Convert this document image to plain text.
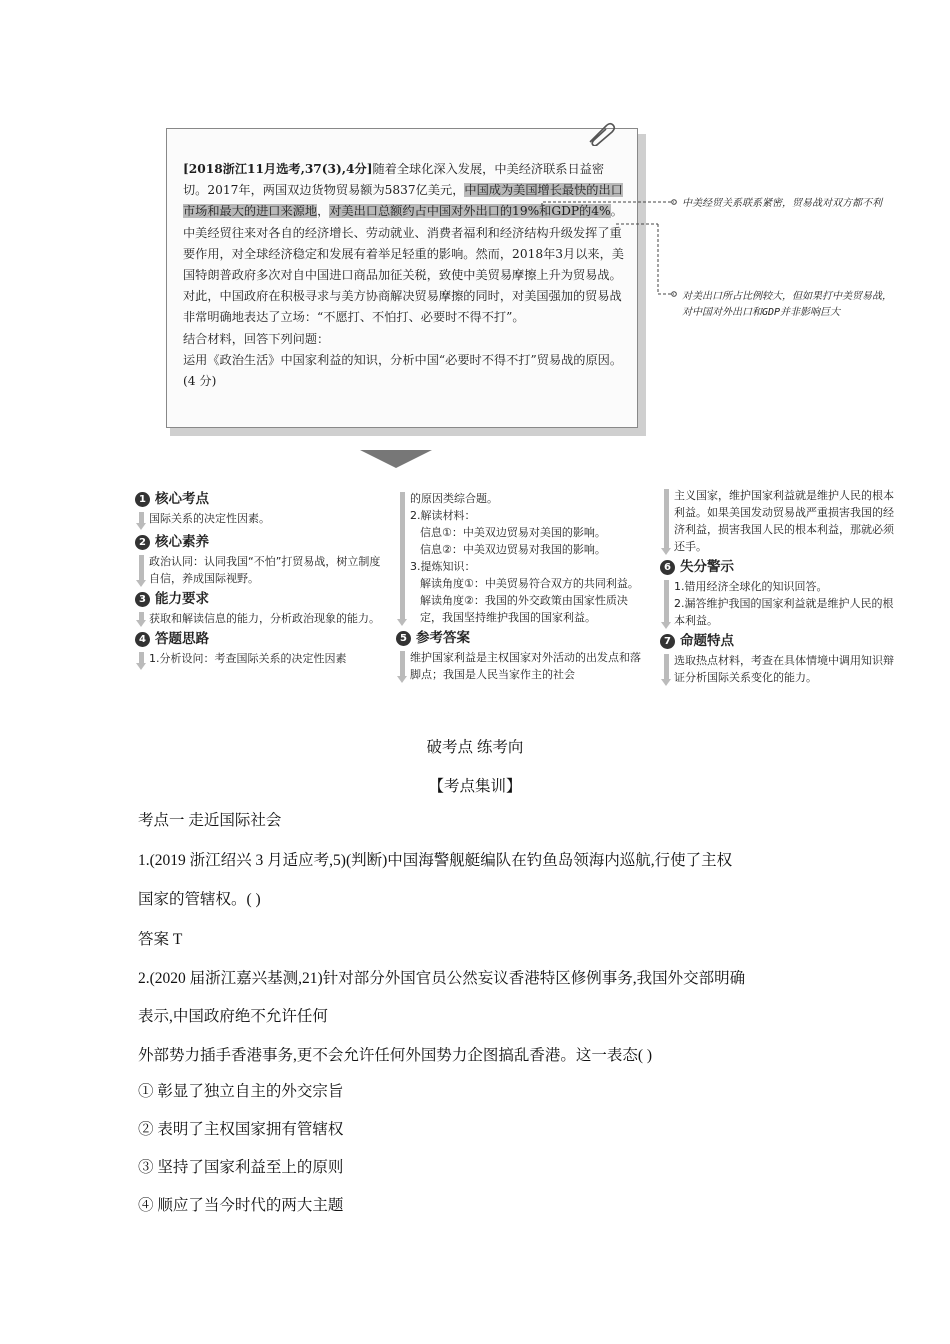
[2018浙江11月选考,37(3),4分]随着全球化深入发展，中美经济联系日益密切。2017年，两国双边货物贸易额为5837亿美元，中国成为美国增长最快的出口市场和最大的进口来源地，对美出口总额约占中国对外出口的19%和GDP的4%。中美经贸往来对各自的经济增长、劳动就业、消费者福利和经济结构升级发挥了重要作用，对全球经济稳定和发展有着举足轻重的影响。然而，2018年3月以来，美国特朗普政府多次对自中国进口商品加征关税，致使中美贸易摩擦上升为贸易战。对此，中国政府在积极寻求与美方协商解决贸易摩擦的同时，对美国强加的贸易战非常明确地表达了立场：“不愿打、不怕打、必要时不得不打”。
结合材料，回答下列问题：
运用《政治生活》中国家利益的知识，分析中国“必要时不得不打”贸易战的原因。(4 分)
中美经贸关系联系紧密，贸易战对双方都不利
对美出口所占比例较大，但如果打中美贸易战，对中国对外出口和GDP并非影响巨大
1 核心考点
国际关系的决定性因素。
2 核心素养
政治认同：认同我国“不怕”打贸易战，树立制度自信，养成国际视野。
3 能力要求
获取和解读信息的能力，分析政治现象的能力。
4 答题思路
1.分析设问：考查国际关系的决定性因素
的原因类综合题。
2.解读材料：
信息①：中美双边贸易对美国的影响。
信息②：中美双边贸易对我国的影响。
3.提炼知识：
解读角度①：中美贸易符合双方的共同利益。
解读角度②：我国的外交政策由国家性质决定，我国坚持维护我国的国家利益。
5 参考答案
维护国家利益是主权国家对外活动的出发点和落脚点；我国是人民当家作主的社会
主义国家，维护国家利益就是维护人民的根本利益。如果美国发动贸易战严重损害我国的经济利益，损害我国人民的根本利益，那就必须还手。
6 失分警示
1.错用经济全球化的知识回答。
2.漏答维护我国的国家利益就是维护人民的根本利益。
7 命题特点
选取热点材料，考查在具体情境中调用知识辩证分析国际关系变化的能力。
破考点 练考向
【考点集训】
考点一 走近国际社会
1.(2019 浙江绍兴 3 月适应考,5)(判断)中国海警舰艇编队在钓鱼岛领海内巡航,行使了主权
国家的管辖权。( )
答案 T
2.(2020 届浙江嘉兴基测,21)针对部分外国官员公然妄议香港特区修例事务,我国外交部明确
表示,中国政府绝不允许任何
外部势力插手香港事务,更不会允许任何外国势力企图搞乱香港。这一表态( )
① 彰显了独立自主的外交宗旨
② 表明了主权国家拥有管辖权
③ 坚持了国家利益至上的原则
④ 顺应了当今时代的两大主题
